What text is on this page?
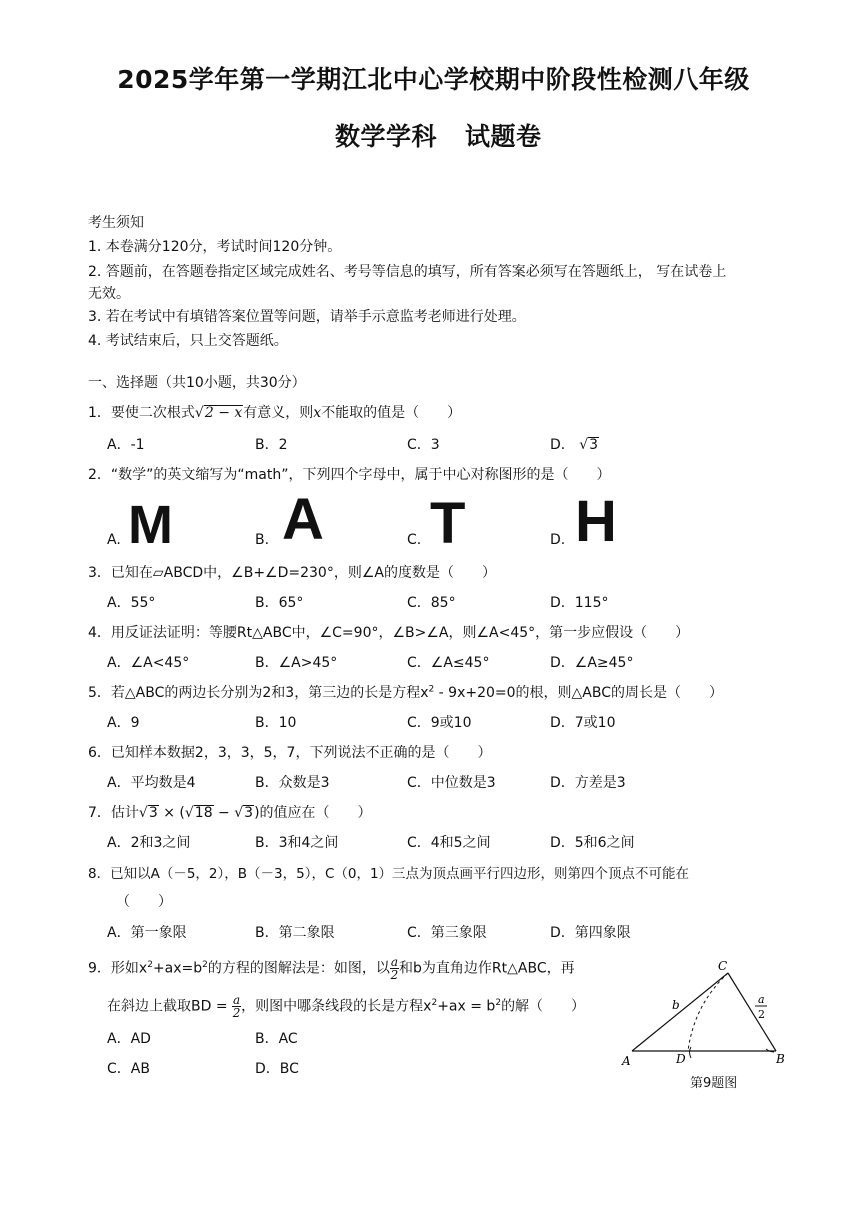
2025学年第一学期江北中心学校期中阶段性检测八年级
数学学科 试题卷
考生须知
1. 本卷满分120分，考试时间120分钟。
2. 答题前，在答题卷指定区域完成姓名、考号等信息的填写，所有答案必须写在答题纸上， 写在试卷上
无效。
3. 若在考试中有填错答案位置等问题，请举手示意监考老师进行处理。
4. 考试结束后，只上交答题纸。
一、选择题（共10小题，共30分）
1．要使二次根式√2 − x有意义，则x不能取的值是（　　）
A．‐1	B．2	C．3	D． √3
2．“数学”的英文缩写为“math”，下列四个字母中，属于中心对称图形的是（　　）
A. M	B. A	C. T	D. H
3．已知在▱ABCD中，∠B+∠D=230°，则∠A的度数是（　　）
A．55°	B．65°	C．85°	D．115°
4．用反证法证明：等腰Rt△ABC中，∠C=90°，∠B>∠A，则∠A<45°，第一步应假设（　　）
A．∠A<45°	B．∠A>45°	C．∠A≤45°	D．∠A≥45°
5．若△ABC的两边长分别为2和3，第三边的长是方程$x^2 - 9x+20=0$的根，则△ABC的周长是（　　）
A．9	B．10	C．9或10	D．7或10
6．已知样本数据2，3，3，5，7，下列说法不正确的是（　　）
A．平均数是4	B．众数是3	C．中位数是3	D．方差是3
7．估计√3 × (√18 − √3)的值应在（　　）
A．2和3之间	B．3和4之间	C．4和5之间	D．5和6之间
8．已知以A（－5，2），B（－3，5），C（0，1）三点为顶点画平行四边形，则第四个顶点不可能在
（　　）
A．第一象限	B．第二象限	C．第三象限	D．第四象限
9．形如$x^2+ax=b^2$的方程的图解法是：如图，以 $\frac{a}{2}$ 和b为直角边作Rt△ABC，再
在斜边上截取BD = $\frac{a}{2}$ ，则图中哪条线段的长是方程$x^2+ax = b^2$的解（　　）
A．AD	B．AC
C．AB	D．BC	A	B
C
D
b	a
2
第9题图
